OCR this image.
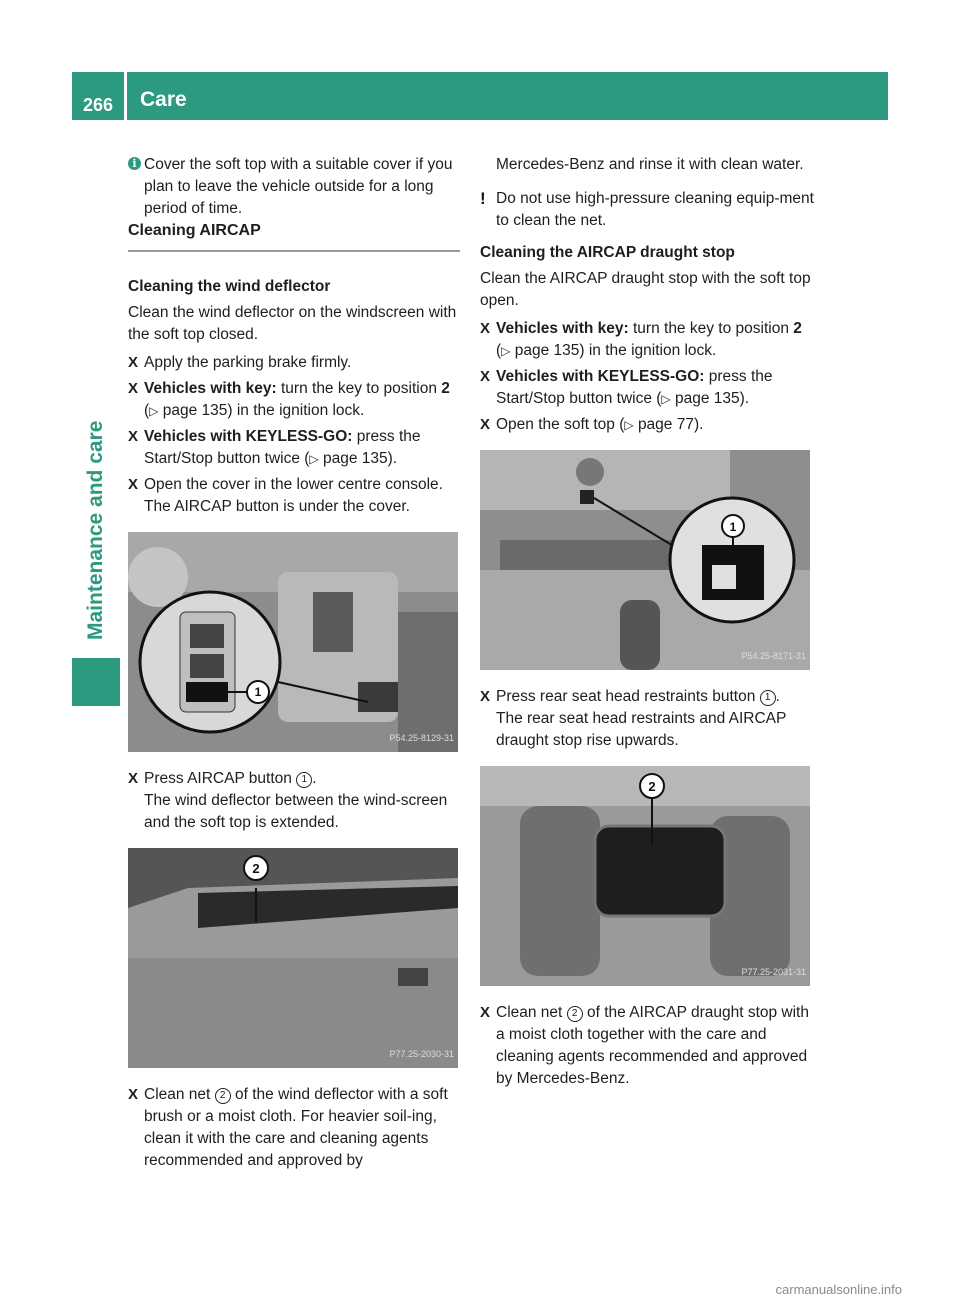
266	Care
Maintenance and care

i Cover the soft top with a suitable cover if you plan to leave the vehicle outside for a long period of time.

Cleaning AIRCAP
Cleaning the wind deflector

Clean the wind deflector on the windscreen with the soft top closed.

X Apply the parking brake firmly.

X Vehicles with key: turn the key to position 2 (▷ page 135) in the ignition lock.

X Vehicles with KEYLESS-GO: press the Start/Stop button twice (▷ page 135).

X Open the cover in the lower centre console. The AIRCAP button is under the cover.

1
P54.25-8129-31

X Press AIRCAP button 1 .
The wind deflector between the wind-screen and the soft top is extended.

2
P77.25-2030-31

X Clean net 2 of the wind deflector with a soft brush or a moist cloth. For heavier soil-ing, clean it with the care and cleaning agents recommended and approved by

Mercedes-Benz and rinse it with clean water.

! Do not use high-pressure cleaning equip-ment to clean the net.

Cleaning the AIRCAP draught stop

Clean the AIRCAP draught stop with the soft top open.

X Vehicles with key: turn the key to position 2 (▷ page 135) in the ignition lock.

X Vehicles with KEYLESS-GO: press the Start/Stop button twice (▷ page 135).

X Open the soft top (▷ page 77).

1
P54.25-8171-31

X Press rear seat head restraints button 1 .
The rear seat head restraints and AIRCAP draught stop rise upwards.

2
P77.25-2031-31

X Clean net 2 of the AIRCAP draught stop with a moist cloth together with the care and cleaning agents recommended and approved by Mercedes-Benz.

carmanualsonline.info
